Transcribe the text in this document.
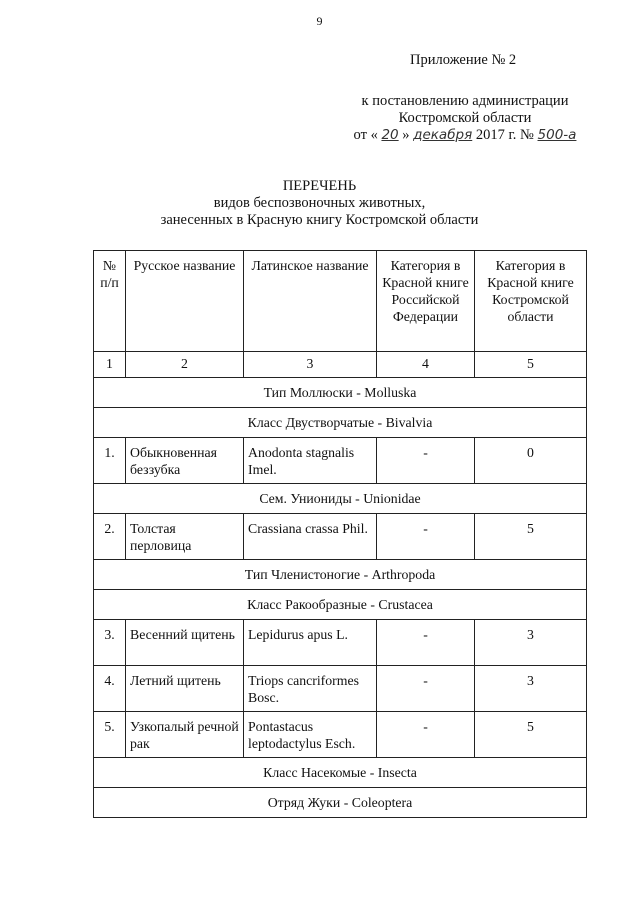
9
Приложение № 2
к постановлению администрации
Костромской области
от « 20 » декабря 2017 г. № 500-а
ПЕРЕЧЕНЬ
видов беспозвоночных животных,
занесенных в Красную книгу Костромской области
№ п/п	Русское название	Латинское название	Категория в Красной книге Российской Федерации	Категория в Красной книге Костромской области
1	2	3	4	5
Тип Моллюски - Molluska				
Класс Двустворчатые - Bivalvia				
1.	Обыкновенная беззубка	Anodonta stagnalis Imel.	-	0
Сем. Униониды - Unionidae				
2.	Толстая перловица	Crassiana crassa Phil.	-	5
Тип Членистоногие - Arthropoda				
Класс Ракообразные - Crustacea				
3.	Весенний щитень	Lepidurus apus L.	-	3
4.	Летний щитень	Triops cancriformes Bosc.	-	3
5.	Узкопалый речной рак	Pontastacus leptodactylus Esch.	-	5
Класс Насекомые - Insecta				
Отряд Жуки - Coleoptera				
